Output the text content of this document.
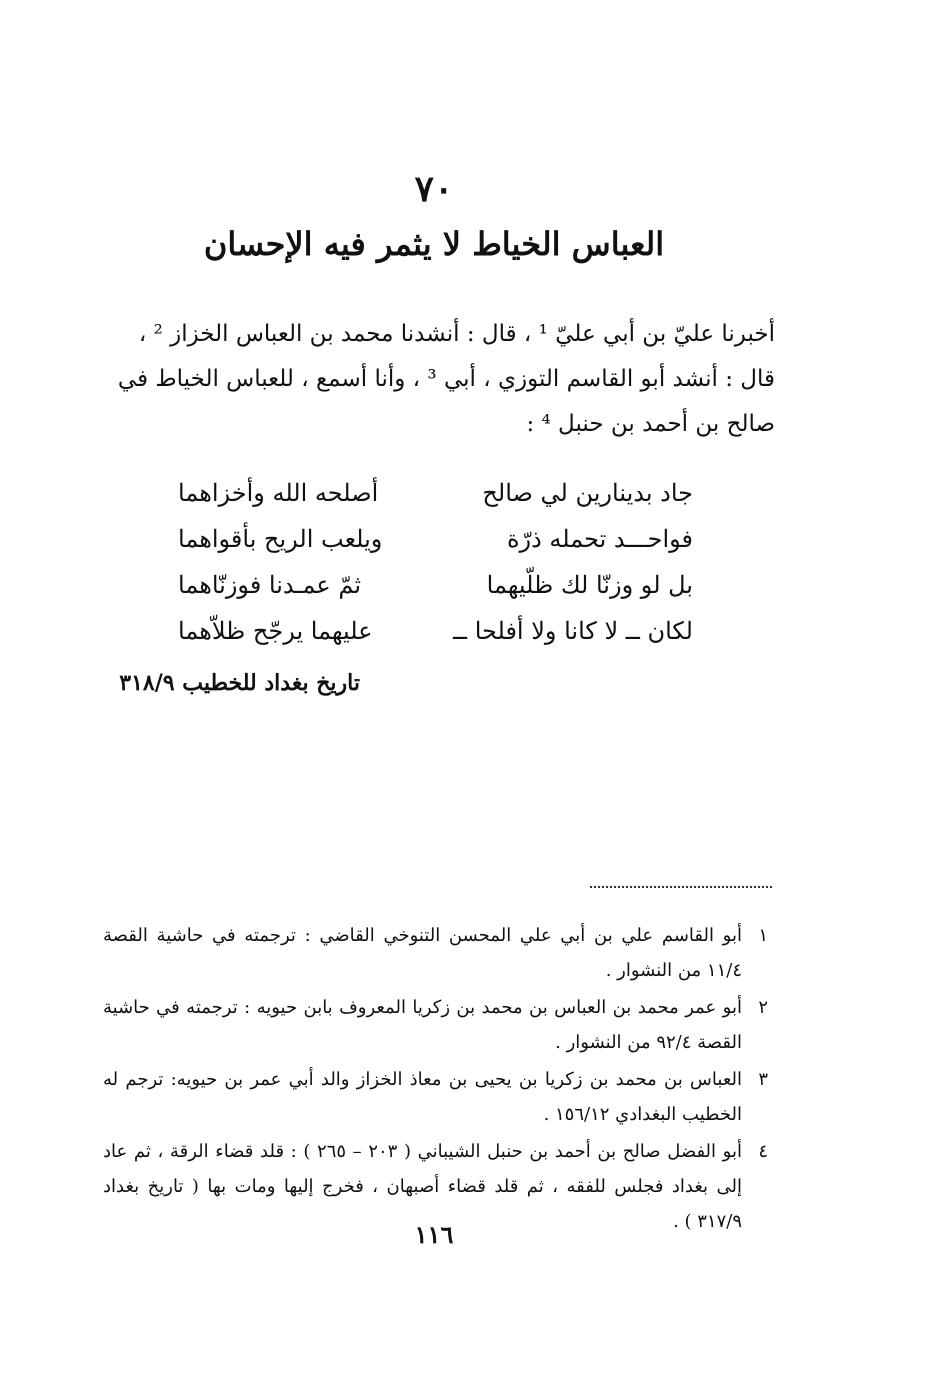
٧٠
العباس الخياط لا يثمر فيه الإحسان

أخبرنا عليّ بن أبي عليّ ¹ ، قال : أنشدنا محمد بن العباس الخزاز ² ،

قال : أنشد أبو القاسم التوزي ، أبي ³ ، وأنا أسمع ، للعباس الخياط في

صالح بن أحمد بن حنبل ⁴ :

جاد بدينارين لي صالح
أصلحه الله وأخزاهما
فواحـــد تحمله ذرّة
ويلعب الريح بأقواهما
بل لو وزنّا لك ظلّيهما
ثمّ عمـدنا فوزنّاهما
لكان ــ لا كانا ولا أفلحا ــ
عليهما يرجّح ظلاّهما
تاريخ بغداد للخطيب ٣١٨/٩
١
أبو القاسم علي بن أبي علي المحسن التنوخي القاضي : ترجمته في حاشية القصة ١١/٤ من النشوار .
٢
أبو عمر محمد بن العباس بن محمد بن زكريا المعروف بابن حيويه : ترجمته في حاشية القصة ٩٢/٤ من النشوار .
٣
العباس بن محمد بن زكريا بن يحيى بن معاذ الخزاز والد أبي عمر بن حيويه: ترجم له الخطيب البغدادي ١٥٦/١٢ .
٤
أبو الفضل صالح بن أحمد بن حنبل الشيباني ( ٢٠٣ – ٢٦٥ ) : قلد قضاء الرقة ، ثم عاد إلى بغداد فجلس للفقه ، ثم قلد قضاء أصبهان ، فخرج إليها ومات بها ( تاريخ بغداد ٣١٧/٩ ) .
١١٦
